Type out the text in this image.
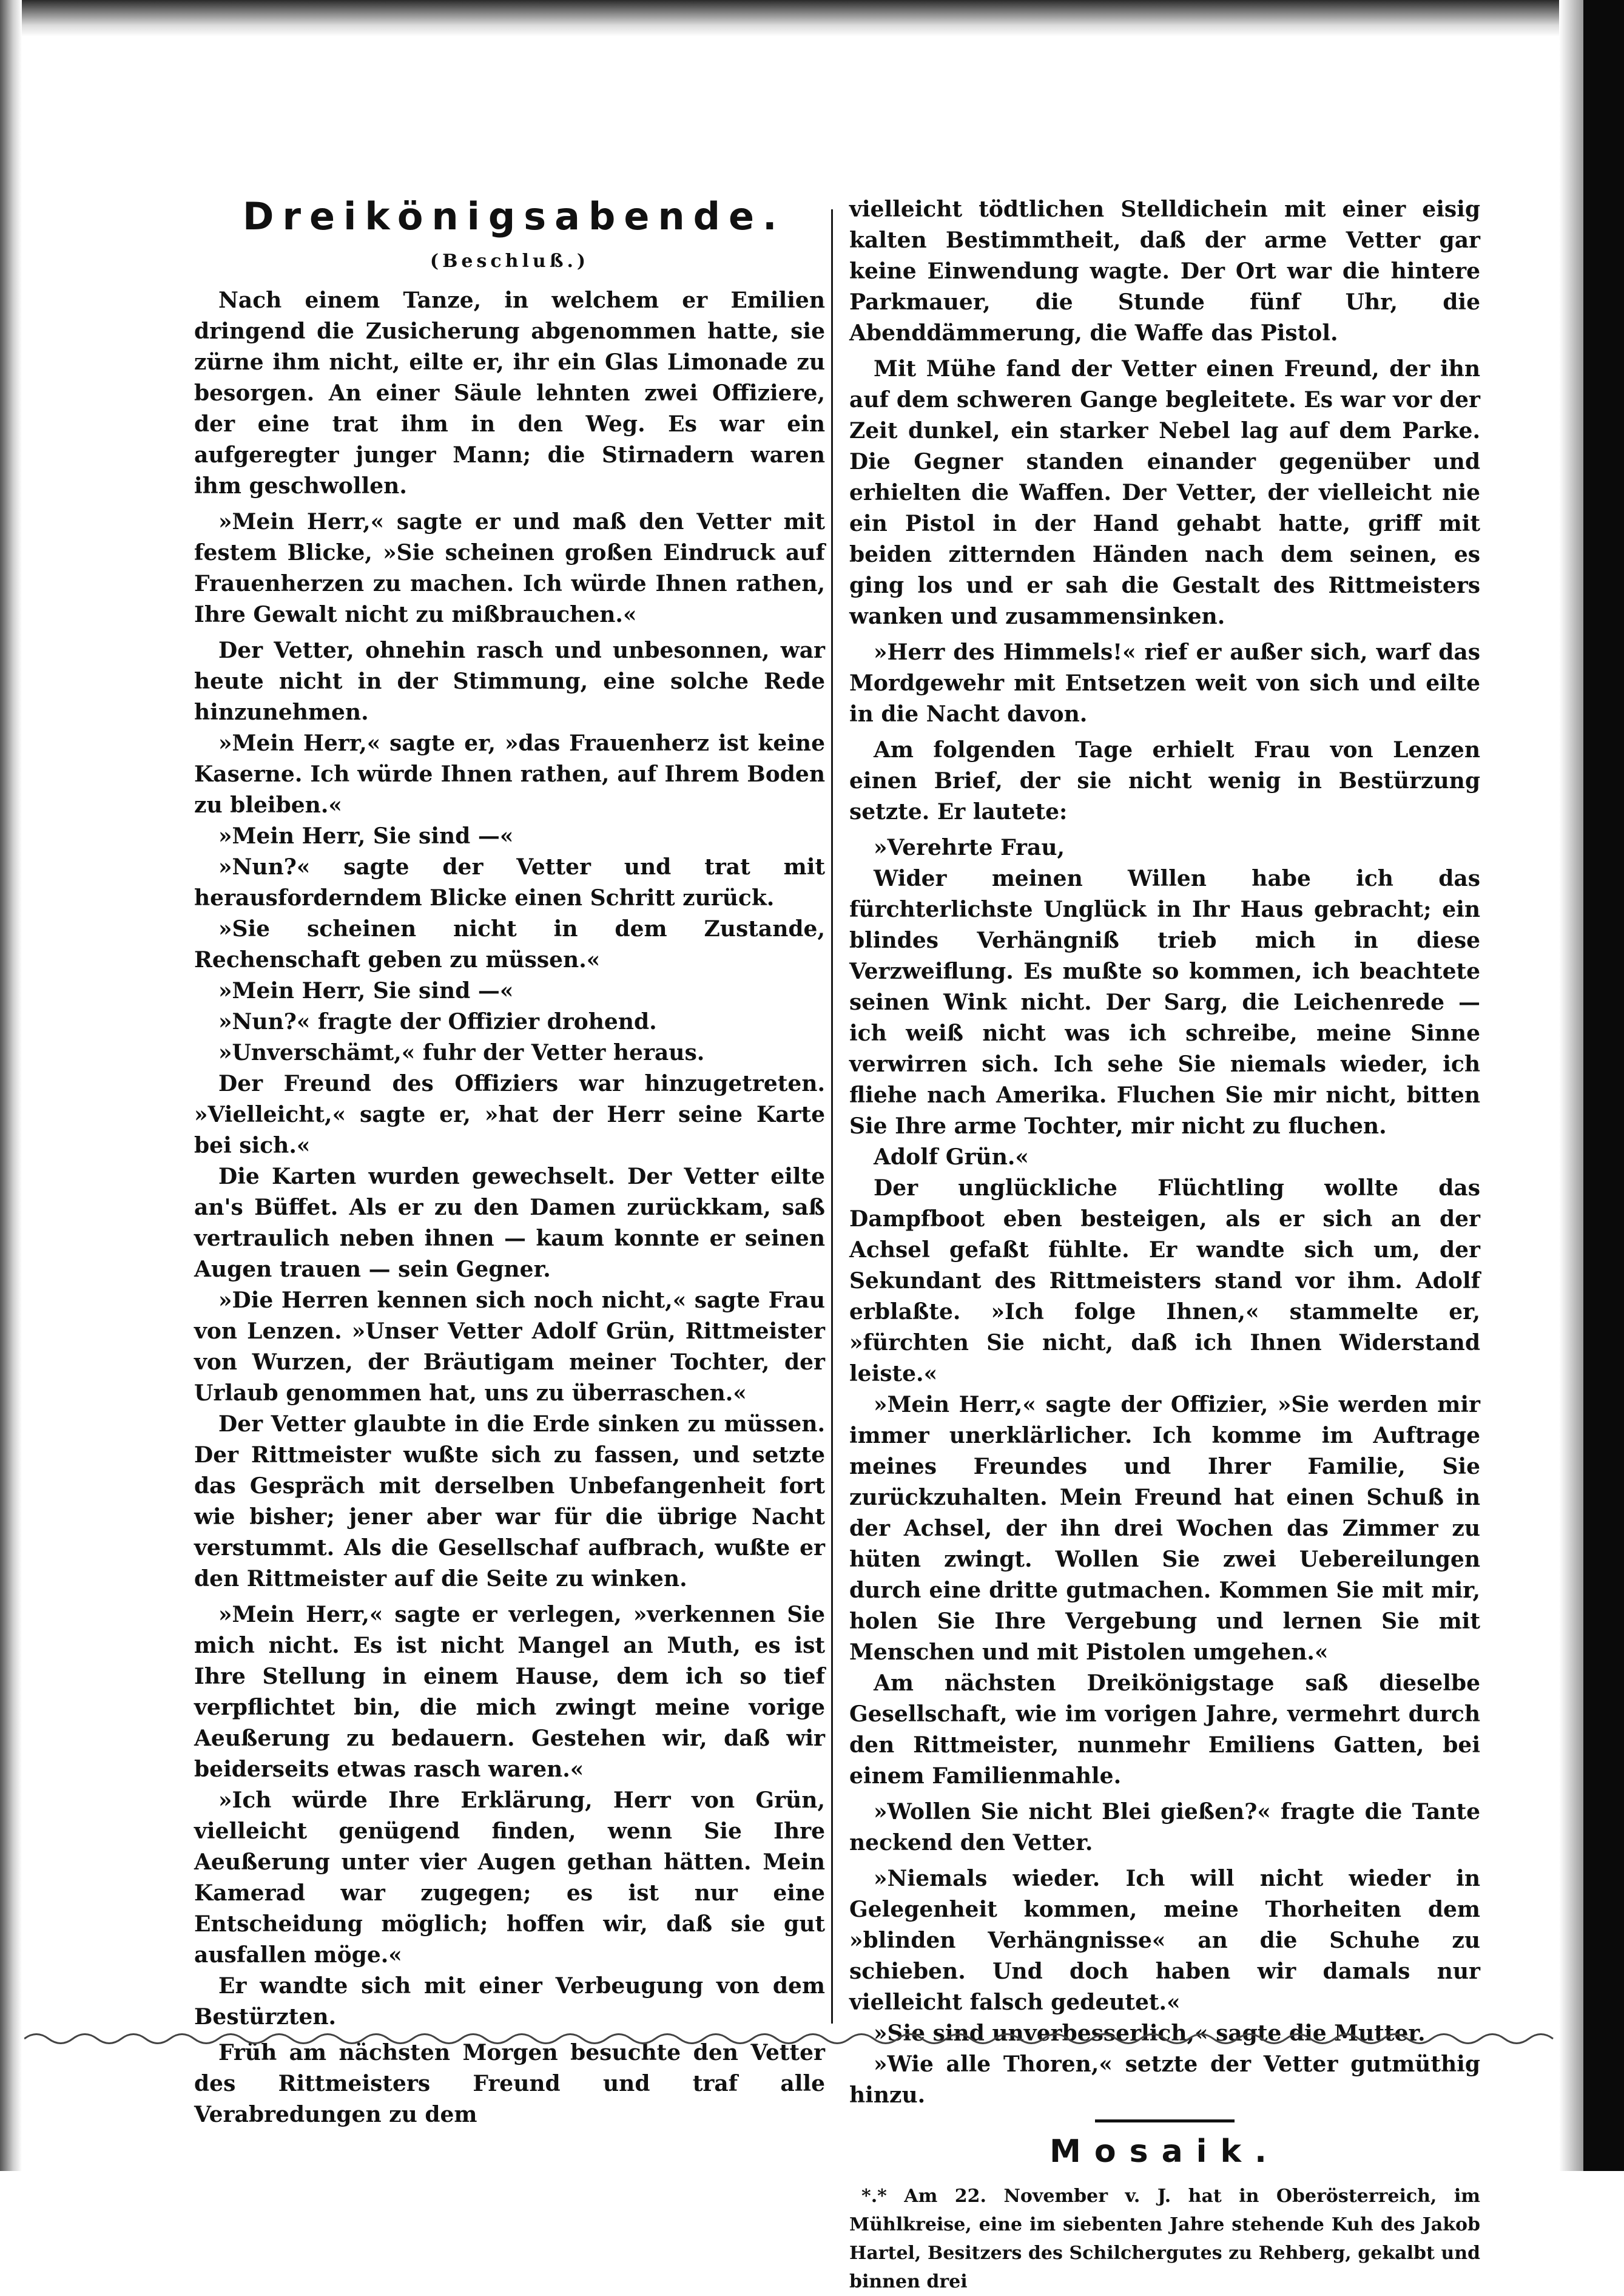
Dreikönigsabende.
(Beschluß.)

Nach einem Tanze, in welchem er Emilien dringend die Zusicherung abgenommen hatte, sie zürne ihm nicht, eilte er, ihr ein Glas Limonade zu besorgen. An einer Säule lehnten zwei Offiziere, der eine trat ihm in den Weg. Es war ein aufgeregter junger Mann; die Stirnadern waren ihm geschwollen.

»Mein Herr,« sagte er und maß den Vetter mit festem Blicke, »Sie scheinen großen Eindruck auf Frauenherzen zu machen. Ich würde Ihnen rathen, Ihre Gewalt nicht zu mißbrauchen.«

Der Vetter, ohnehin rasch und unbesonnen, war heute nicht in der Stimmung, eine solche Rede hinzunehmen.

»Mein Herr,« sagte er, »das Frauenherz ist keine Kaserne. Ich würde Ihnen rathen, auf Ihrem Boden zu bleiben.«

»Mein Herr, Sie sind —«

»Nun?« sagte der Vetter und trat mit herausforderndem Blicke einen Schritt zurück.

»Sie scheinen nicht in dem Zustande, Rechenschaft geben zu müssen.«

»Mein Herr, Sie sind —«

»Nun?« fragte der Offizier drohend.

»Unverschämt,« fuhr der Vetter heraus.

Der Freund des Offiziers war hinzugetreten. »Vielleicht,« sagte er, »hat der Herr seine Karte bei sich.«

Die Karten wurden gewechselt. Der Vetter eilte an's Büffet. Als er zu den Damen zurückkam, saß vertraulich neben ihnen — kaum konnte er seinen Augen trauen — sein Gegner.

»Die Herren kennen sich noch nicht,« sagte Frau von Lenzen. »Unser Vetter Adolf Grün, Rittmeister von Wurzen, der Bräutigam meiner Tochter, der Urlaub genommen hat, uns zu überraschen.«

Der Vetter glaubte in die Erde sinken zu müssen. Der Rittmeister wußte sich zu fassen, und setzte das Gespräch mit derselben Unbefangenheit fort wie bisher; jener aber war für die übrige Nacht verstummt. Als die Gesellschaf aufbrach, wußte er den Rittmeister auf die Seite zu winken.

»Mein Herr,« sagte er verlegen, »verkennen Sie mich nicht. Es ist nicht Mangel an Muth, es ist Ihre Stellung in einem Hause, dem ich so tief verpflichtet bin, die mich zwingt meine vorige Aeußerung zu bedauern. Gestehen wir, daß wir beiderseits etwas rasch waren.«

»Ich würde Ihre Erklärung, Herr von Grün, vielleicht genügend finden, wenn Sie Ihre Aeußerung unter vier Augen gethan hätten. Mein Kamerad war zugegen; es ist nur eine Entscheidung möglich; hoffen wir, daß sie gut ausfallen möge.«

Er wandte sich mit einer Verbeugung von dem Bestürzten.

Früh am nächsten Morgen besuchte den Vetter des Rittmeisters Freund und traf alle Verabredungen zu dem

vielleicht tödtlichen Stelldichein mit einer eisig kalten Bestimmtheit, daß der arme Vetter gar keine Einwendung wagte. Der Ort war die hintere Parkmauer, die Stunde fünf Uhr, die Abenddämmerung, die Waffe das Pistol.

Mit Mühe fand der Vetter einen Freund, der ihn auf dem schweren Gange begleitete. Es war vor der Zeit dunkel, ein starker Nebel lag auf dem Parke. Die Gegner standen einander gegenüber und erhielten die Waffen. Der Vetter, der vielleicht nie ein Pistol in der Hand gehabt hatte, griff mit beiden zitternden Händen nach dem seinen, es ging los und er sah die Gestalt des Rittmeisters wanken und zusammensinken.

»Herr des Himmels!« rief er außer sich, warf das Mordgewehr mit Entsetzen weit von sich und eilte in die Nacht davon.

Am folgenden Tage erhielt Frau von Lenzen einen Brief, der sie nicht wenig in Bestürzung setzte. Er lautete:

»Verehrte Frau,

Wider meinen Willen habe ich das fürchterlichste Unglück in Ihr Haus gebracht; ein blindes Verhängniß trieb mich in diese Verzweiflung. Es mußte so kommen, ich beachtete seinen Wink nicht. Der Sarg, die Leichenrede — ich weiß nicht was ich schreibe, meine Sinne verwirren sich. Ich sehe Sie niemals wieder, ich fliehe nach Amerika. Fluchen Sie mir nicht, bitten Sie Ihre arme Tochter, mir nicht zu fluchen.

Adolf Grün.«

Der unglückliche Flüchtling wollte das Dampfboot eben besteigen, als er sich an der Achsel gefaßt fühlte. Er wandte sich um, der Sekundant des Rittmeisters stand vor ihm. Adolf erblaßte. »Ich folge Ihnen,« stammelte er, »fürchten Sie nicht, daß ich Ihnen Widerstand leiste.«

»Mein Herr,« sagte der Offizier, »Sie werden mir immer unerklärlicher. Ich komme im Auftrage meines Freundes und Ihrer Familie, Sie zurückzuhalten. Mein Freund hat einen Schuß in der Achsel, der ihn drei Wochen das Zimmer zu hüten zwingt. Wollen Sie zwei Uebereilungen durch eine dritte gutmachen. Kommen Sie mit mir, holen Sie Ihre Vergebung und lernen Sie mit Menschen und mit Pistolen umgehen.«

Am nächsten Dreikönigstage saß dieselbe Gesellschaft, wie im vorigen Jahre, vermehrt durch den Rittmeister, nunmehr Emiliens Gatten, bei einem Familienmahle.

»Wollen Sie nicht Blei gießen?« fragte die Tante neckend den Vetter.

»Niemals wieder. Ich will nicht wieder in Gelegenheit kommen, meine Thorheiten dem »blinden Verhängnisse« an die Schuhe zu schieben. Und doch haben wir damals nur vielleicht falsch gedeutet.«

»Sie sind unverbesserlich,« sagte die Mutter.

»Wie alle Thoren,« setzte der Vetter gutmüthig hinzu.

Mosaik.

*.* Am 22. November v. J. hat in Oberösterreich, im Mühlkreise, eine im siebenten Jahre stehende Kuh des Jakob Hartel, Besitzers des Schilchergutes zu Rehberg, gekalbt und binnen drei
